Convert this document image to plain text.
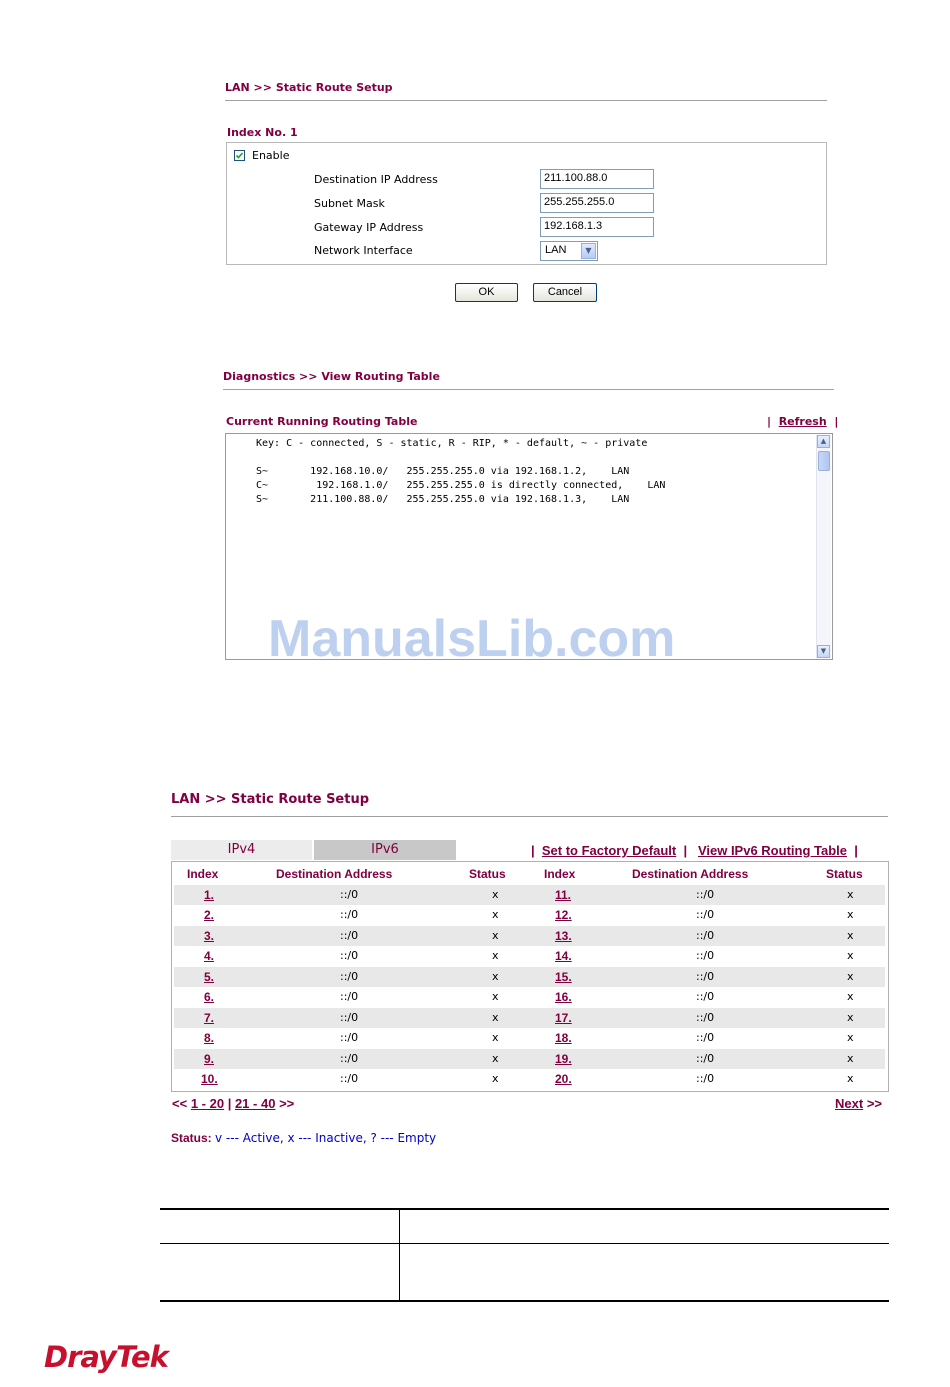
LAN >> Static Route Setup
Index No. 1
Enable
Destination IP Address	211.100.88.0
Subnet Mask	255.255.255.0
Gateway IP Address	192.168.1.3
Network Interface	LAN	▼
OK	Cancel
Diagnostics >> View Routing Table
Current Running Routing Table	|  Refresh  |
Key: C - connected, S - static, R - RIP, * - default, ~ - private
S~       192.168.10.0/   255.255.255.0 via 192.168.1.2,    LAN
C~        192.168.1.0/   255.255.255.0 is directly connected,    LAN
S~       211.100.88.0/   255.255.255.0 via 192.168.1.3,    LAN
▲
▼
ManualsLib.com
LAN >> Static Route Setup
IPv4	IPv6	|  Set to Factory Default  |   View IPv6 Routing Table  |
Index	Destination Address	Status	Index	Destination Address	Status
1.	::/0	x	11.	::/0	x
2.	::/0	x	12.	::/0	x
3.	::/0	x	13.	::/0	x
4.	::/0	x	14.	::/0	x
5.	::/0	x	15.	::/0	x
6.	::/0	x	16.	::/0	x
7.	::/0	x	17.	::/0	x
8.	::/0	x	18.	::/0	x
9.	::/0	x	19.	::/0	x
10.	::/0	x	20.	::/0	x
<< 1 - 20 | 21 - 40 >>	Next >>
Status: v --- Active, x --- Inactive, ? --- Empty
DrayTek
